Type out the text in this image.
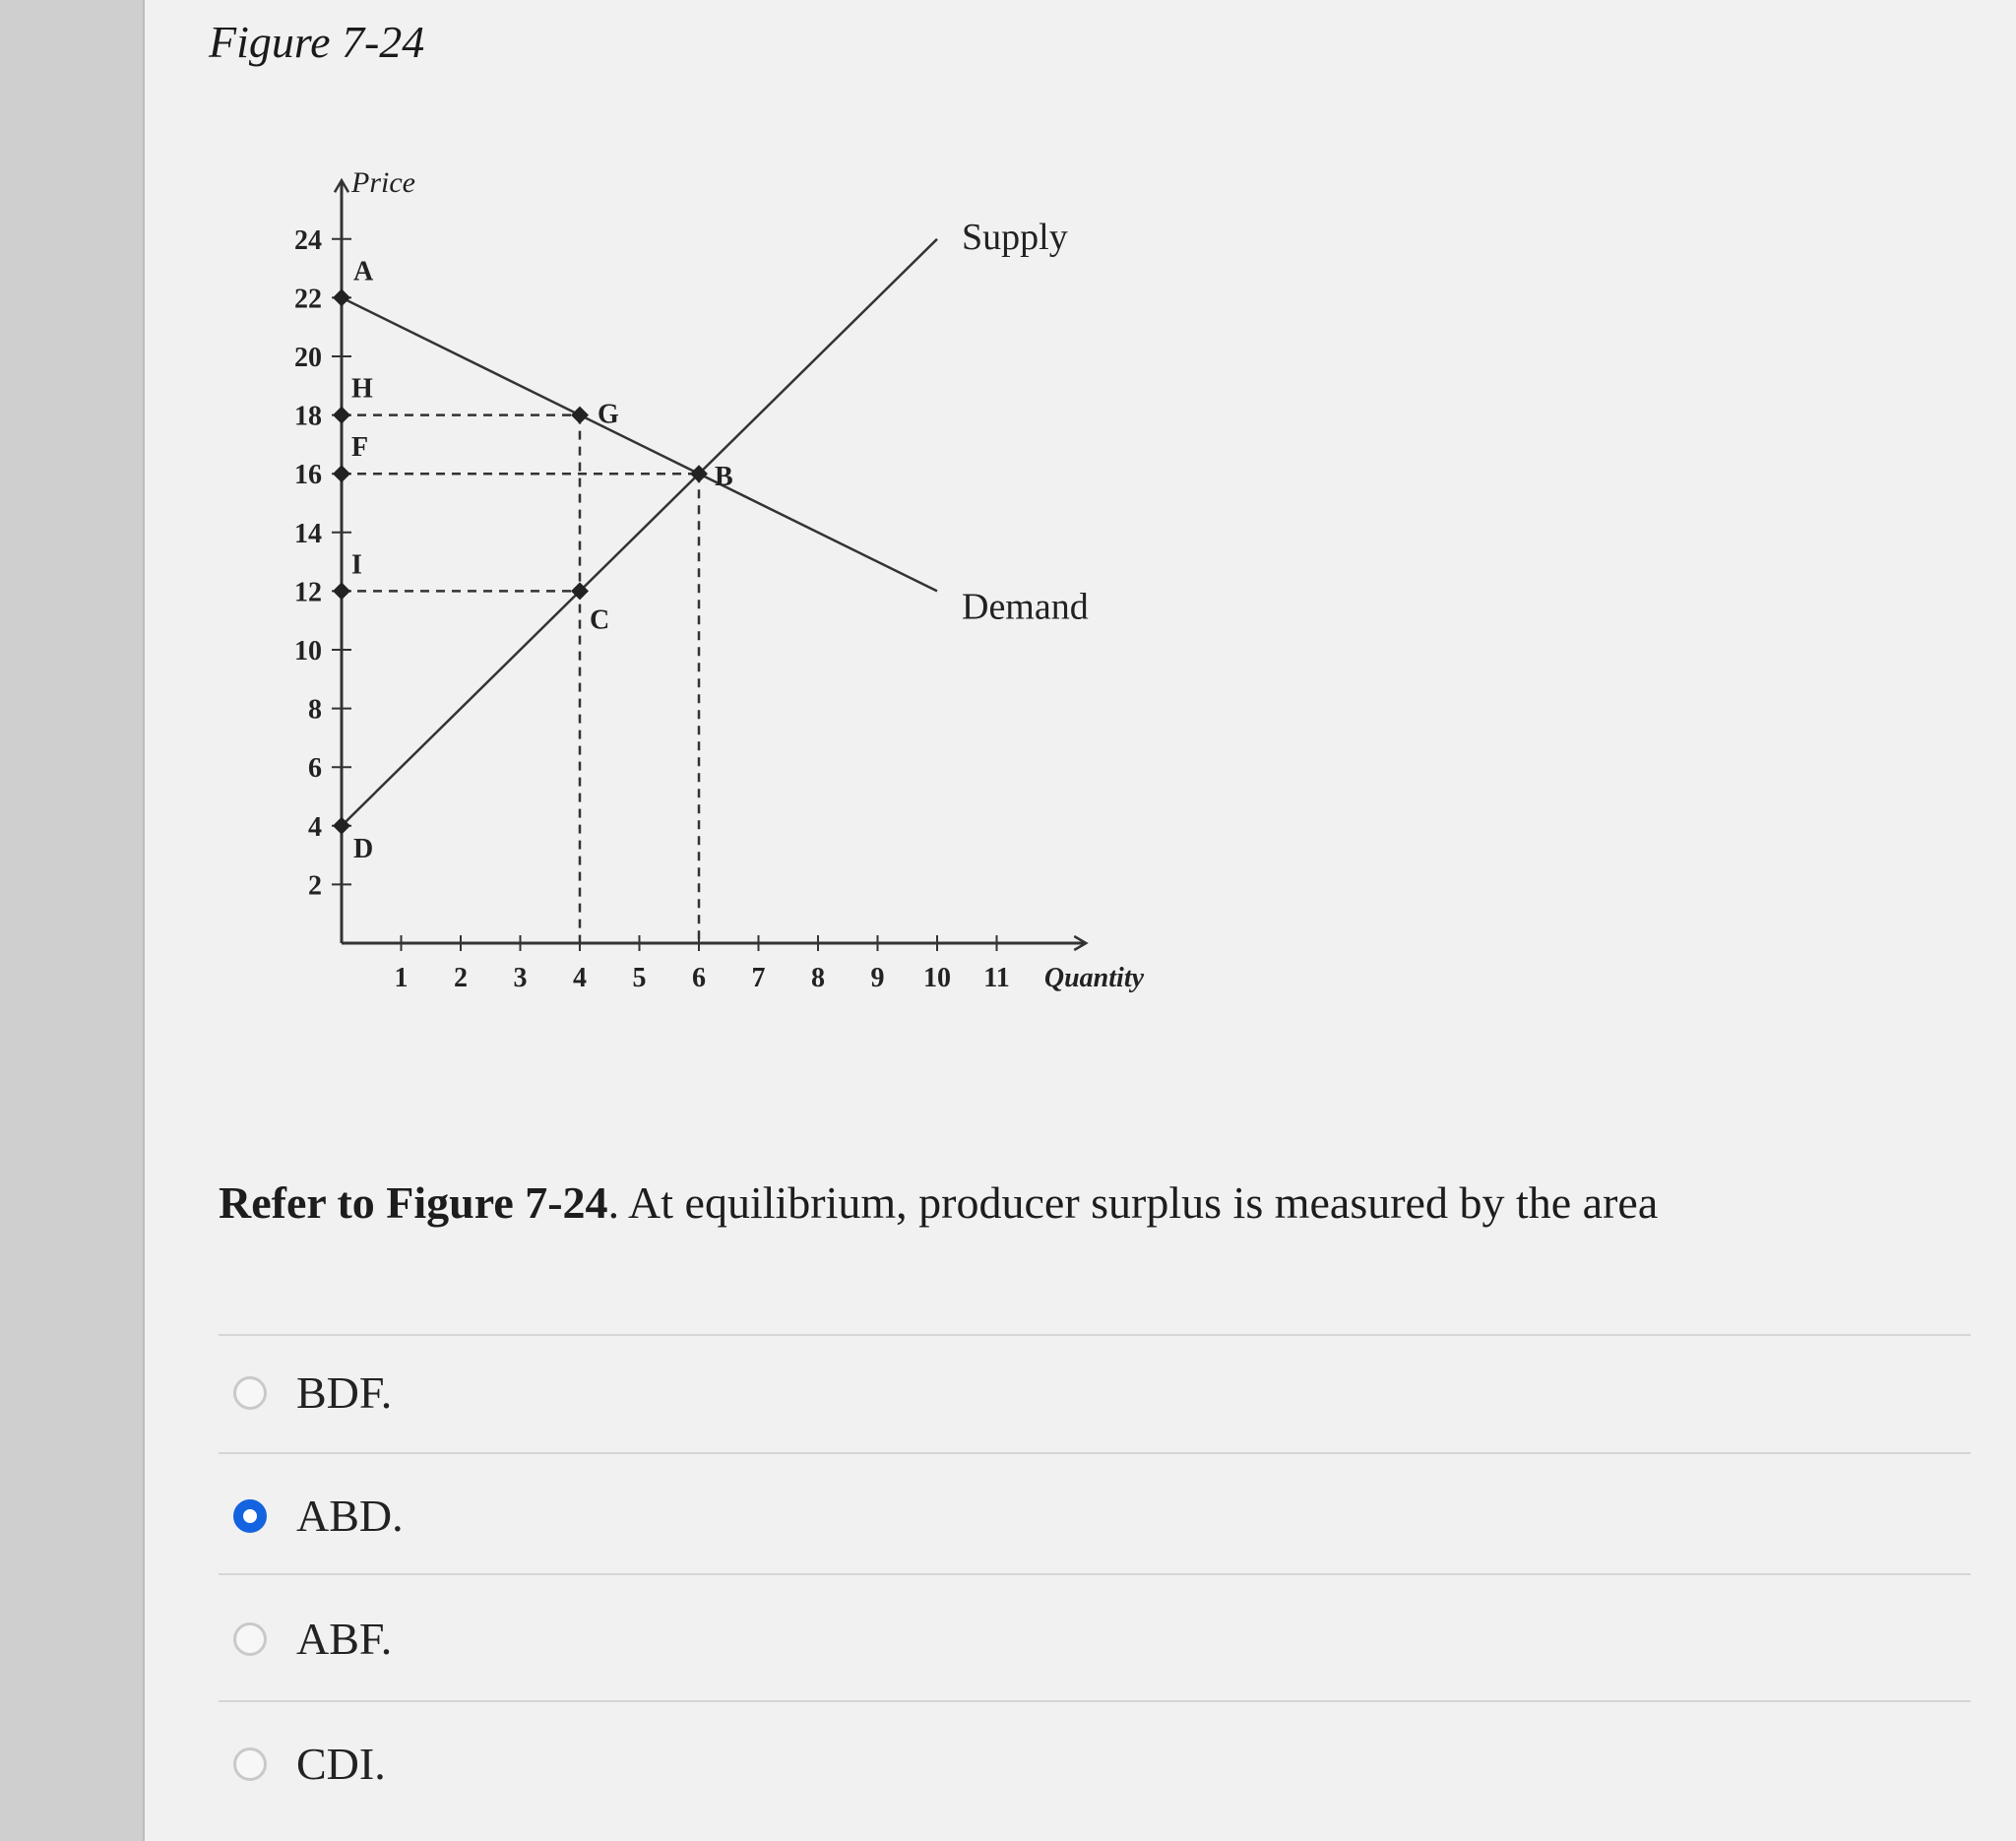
Figure 7-24
Price
Quantity
1 2 3 4 5 6 7 8 9 10 11
2
4
6
8
10
12
14
16
18
20
22
24	Supply
Demand
A
H
F
I
D
G
B
C
Refer to Figure 7-24. At equilibrium, producer surplus is measured by the area
BDF.
ABD.
ABF.
CDI.
